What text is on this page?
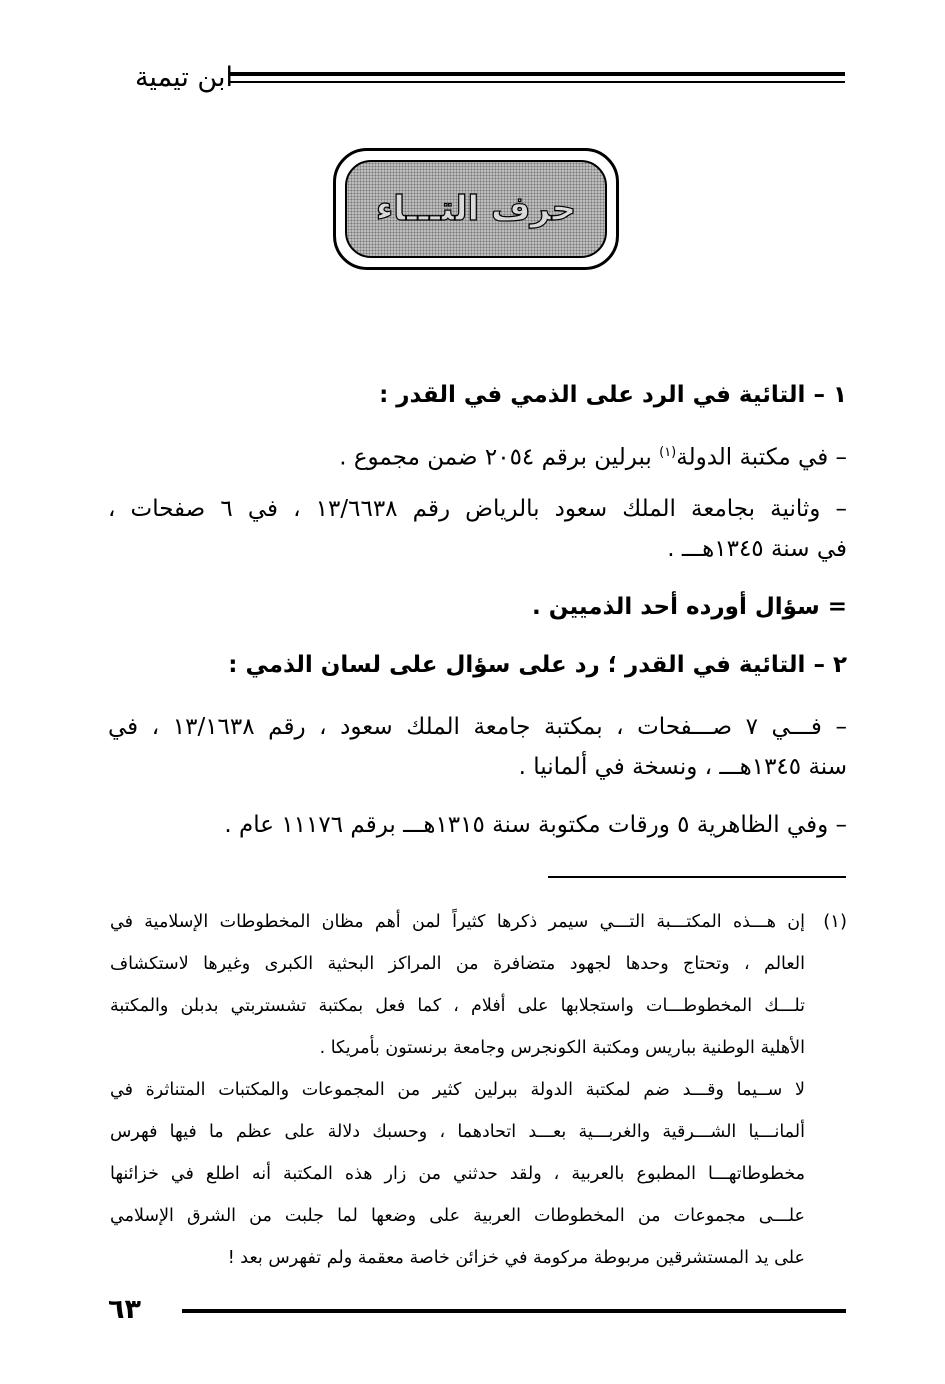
ابن تيمية
حرف التـــاء
١ – التائية في الرد على الذمي في القدر :
– في مكتبة الدولة$^{(١)}$ ببرلين برقم ٢٠٥٤ ضمن مجموع .
– وثانية بجامعة الملك سعود بالرياض رقم ١٣/٦٦٣٨ ، في ٦ صفحات ،
في سنة ١٣٤٥هـــ .
= سؤال أورده أحد الذميين .
٢ – التائية في القدر ؛ رد على سؤال على لسان الذمي :
– فـــي ٧ صـــفحات ، بمكتبة جامعة الملك سعود ، رقم ١٣/١٦٣٨ ، في
سنة ١٣٤٥هـــ ، ونسخة في ألمانيا .
– وفي الظاهرية ٥ ورقات مكتوبة سنة ١٣١٥هـــ برقم ١١١٧٦ عام .
(١)
إن هـــذه المكتـــبة التـــي سيمر ذكرها كثيراً لمن أهم مظان المخطوطات الإسلامية في
العالم ، وتحتاج وحدها لجهود متضافرة من المراكز البحثية الكبرى وغيرها لاستكشاف
تلـــك المخطوطـــات واستجلابها على أفلام ، كما فعل بمكتبة تشستربتي بدبلن والمكتبة
الأهلية الوطنية بباريس ومكتبة الكونجرس وجامعة برنستون بأمريكا .
لا ســيما وقـــد ضم لمكتبة الدولة ببرلين كثير من المجموعات والمكتبات المتناثرة في
ألمانـــيا الشـــرقية والغربـــية بعـــد اتحادهما ، وحسبك دلالة على عظم ما فيها فهرس
مخطوطاتهـــا المطبوع بالعربية ، ولقد حدثني من زار هذه المكتبة أنه اطلع في خزائنها
علـــى مجموعات من المخطوطات العربية على وضعها لما جلبت من الشرق الإسلامي
على يد المستشرقين مربوطة مركومة في خزائن خاصة معقمة ولم تفهرس بعد !
٦٣
